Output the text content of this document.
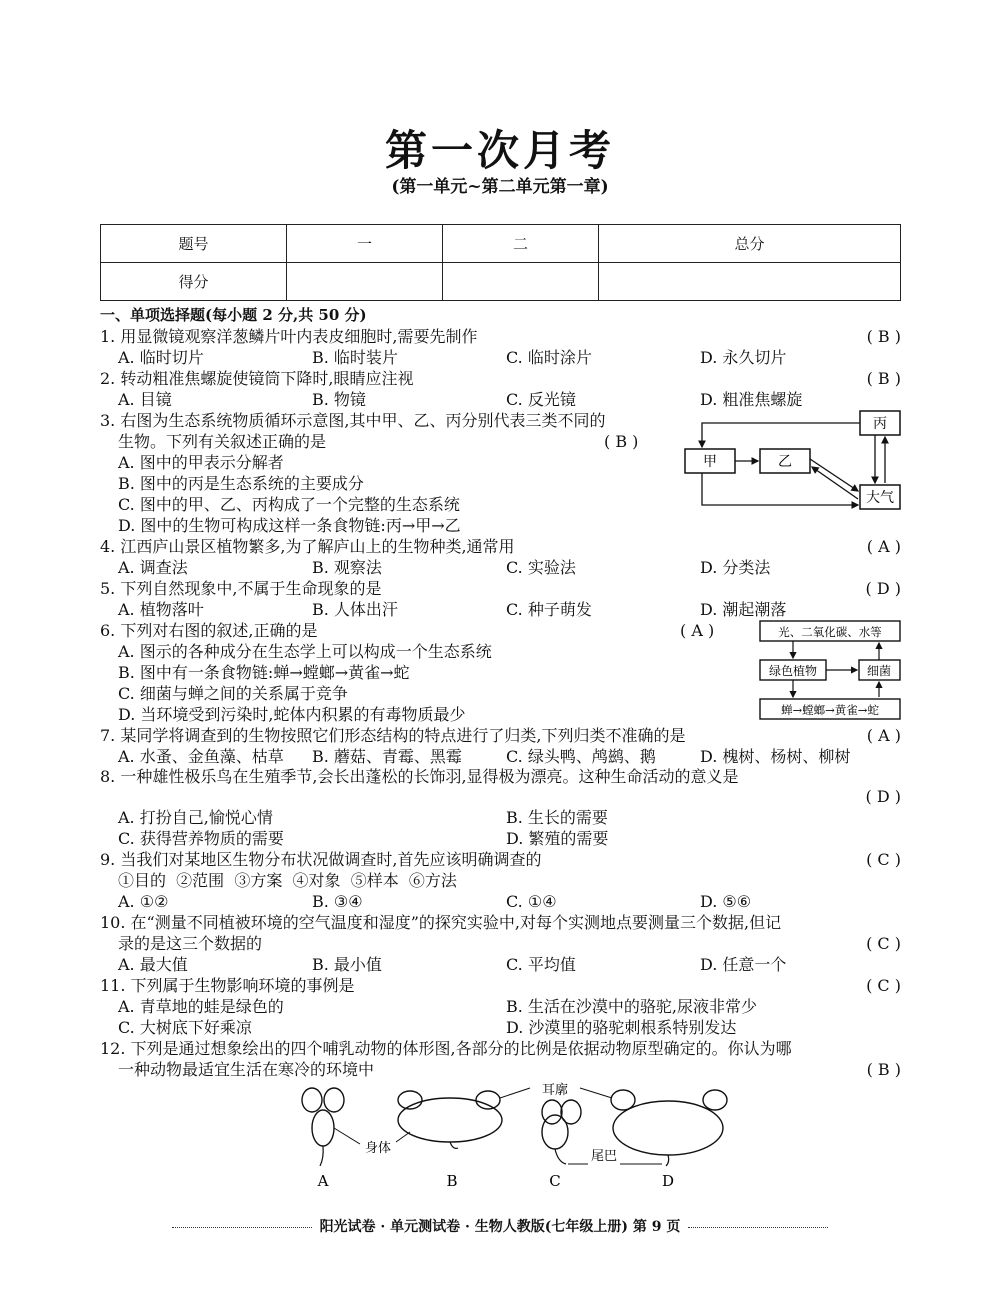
第一次月考
(第一单元~第二单元第一章)
题号	一	二	总分
得分			
一、单项选择题(每小题 2 分,共 50 分)
1. 用显微镜观察洋葱鳞片叶内表皮细胞时,需要先制作	( B )
A. 临时切片	B. 临时装片	C. 临时涂片	D. 永久切片
2. 转动粗准焦螺旋使镜筒下降时,眼睛应注视	( B )
A. 目镜	B. 物镜	C. 反光镜	D. 粗准焦螺旋
3. 右图为生态系统物质循环示意图,其中甲、乙、丙分别代表三类不同的
生物。下列有关叙述正确的是	( B )
A. 图中的甲表示分解者
B. 图中的丙是生态系统的主要成分
C. 图中的甲、乙、丙构成了一个完整的生态系统
D. 图中的生物可构成这样一条食物链:丙→甲→乙
丙
甲	乙
大气
4. 江西庐山景区植物繁多,为了解庐山上的生物种类,通常用	( A )
A. 调查法	B. 观察法	C. 实验法	D. 分类法
5. 下列自然现象中,不属于生命现象的是	( D )
A. 植物落叶	B. 人体出汗	C. 种子萌发	D. 潮起潮落
6. 下列对右图的叙述,正确的是	( A )
A. 图示的各种成分在生态学上可以构成一个生态系统
B. 图中有一条食物链:蝉→螳螂→黄雀→蛇
C. 细菌与蝉之间的关系属于竞争
D. 当环境受到污染时,蛇体内积累的有毒物质最少
光、二氧化碳、水等
绿色植物	细菌
蝉→螳螂→黄雀→蛇
7. 某同学将调查到的生物按照它们形态结构的特点进行了归类,下列归类不准确的是	( A )
A. 水蚤、金鱼藻、枯草 B. 蘑菇、青霉、黑霉	C. 绿头鸭、鸬鹚、鹅	D. 槐树、杨树、柳树
8. 一种雄性极乐鸟在生殖季节,会长出蓬松的长饰羽,显得极为漂亮。这种生命活动的意义是
( D )
A. 打扮自己,愉悦心情	B. 生长的需要
C. 获得营养物质的需要	D. 繁殖的需要
9. 当我们对某地区生物分布状况做调查时,首先应该明确调查的	( C )
①目的  ②范围  ③方案  ④对象  ⑤样本  ⑥方法
A. ①②	B. ③④	C. ①④	D. ⑤⑥
10. 在“测量不同植被环境的空气温度和湿度”的探究实验中,对每个实测地点要测量三个数据,但记
录的是这三个数据的	( C )
A. 最大值	B. 最小值	C. 平均值	D. 任意一个
11. 下列属于生物影响环境的事例是	( C )
A. 青草地的蛙是绿色的	B. 生活在沙漠中的骆驼,尿液非常少
C. 大树底下好乘凉	D. 沙漠里的骆驼刺根系特别发达
12. 下列是通过想象绘出的四个哺乳动物的体形图,各部分的比例是依据动物原型确定的。你认为哪
一种动物最适宜生活在寒冷的环境中	( B )
耳廓
身体
尾巴
A	B	C	D
阳光试卷 · 单元测试卷 · 生物人教版(七年级上册) 第 9 页
